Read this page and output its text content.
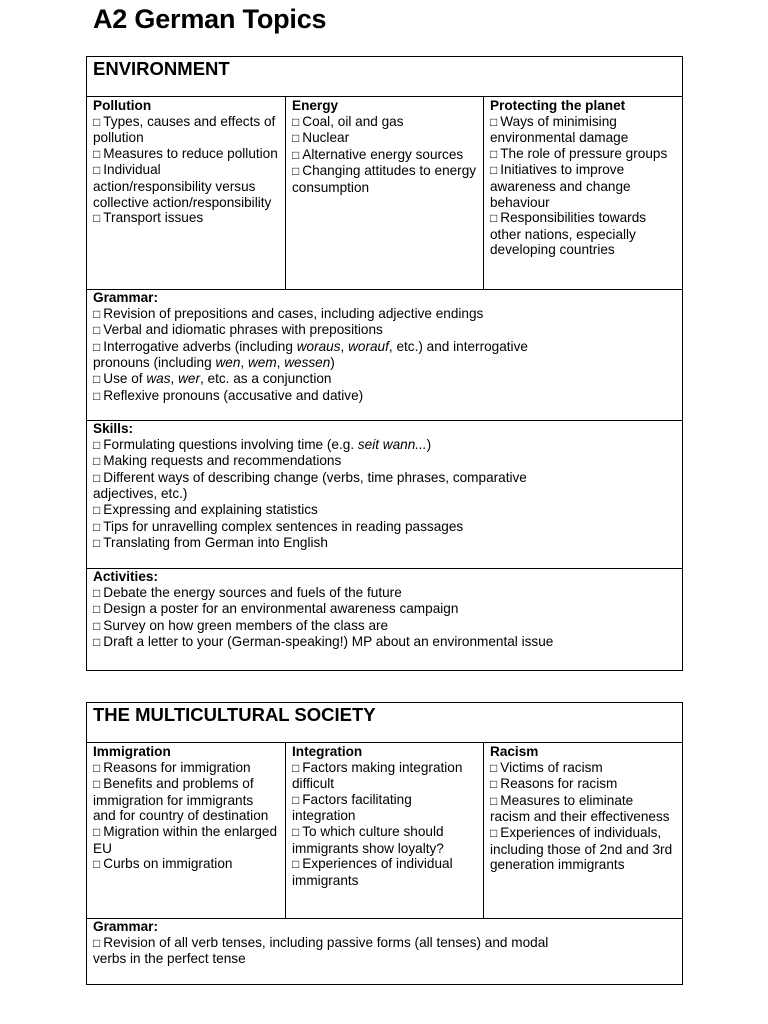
A2 German Topics
ENVIRONMENT

Pollution
□ Types, causes and effects of pollution
□ Measures to reduce pollution
□ Individual action/responsibility versus collective action/responsibility
□ Transport issues

Energy
□ Coal, oil and gas
□ Nuclear
□ Alternative energy sources
□ Changing attitudes to energy consumption

Protecting the planet
□ Ways of minimising environmental damage
□ The role of pressure groups
□ Initiatives to improve awareness and change behaviour
□ Responsibilities towards other nations, especially developing countries

Grammar:
□ Revision of prepositions and cases, including adjective endings
□ Verbal and idiomatic phrases with prepositions
□ Interrogative adverbs (including woraus, worauf, etc.) and interrogative pronouns (including wen, wem, wessen)
□ Use of was, wer, etc. as a conjunction
□ Reflexive pronouns (accusative and dative)

Skills:
□ Formulating questions involving time (e.g. seit wann...)
□ Making requests and recommendations
□ Different ways of describing change (verbs, time phrases, comparative adjectives, etc.)
□ Expressing and explaining statistics
□ Tips for unravelling complex sentences in reading passages
□ Translating from German into English

Activities:
□ Debate the energy sources and fuels of the future
□ Design a poster for an environmental awareness campaign
□ Survey on how green members of the class are
□ Draft a letter to your (German-speaking!) MP about an environmental issue
THE MULTICULTURAL SOCIETY

Immigration
□ Reasons for immigration
□ Benefits and problems of immigration for immigrants and for country of destination
□ Migration within the enlarged EU
□ Curbs on immigration

Integration
□ Factors making integration difficult
□ Factors facilitating integration
□ To which culture should immigrants show loyalty?
□ Experiences of individual immigrants

Racism
□ Victims of racism
□ Reasons for racism
□ Measures to eliminate racism and their effectiveness
□ Experiences of individuals, including those of 2nd and 3rd generation immigrants

Grammar:
□ Revision of all verb tenses, including passive forms (all tenses) and modal verbs in the perfect tense
